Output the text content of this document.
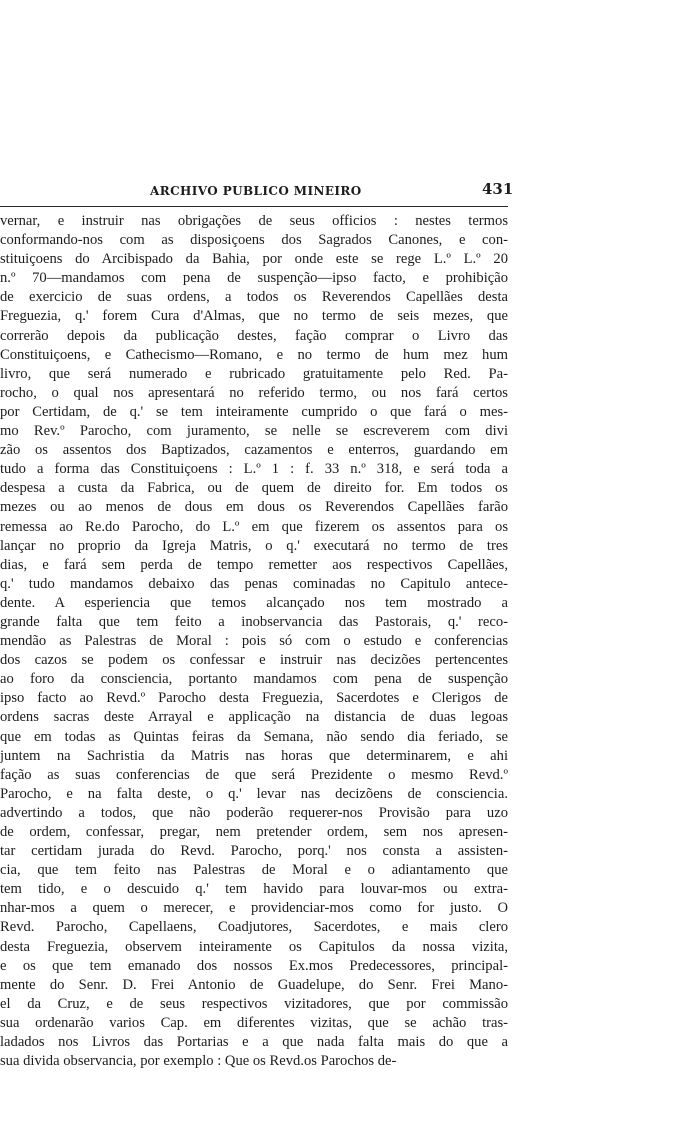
ARCHIVO PUBLICO MINEIRO	431
vernar, e instruir nas obrigações de seus officios : nestes termos
conformando-nos com as disposiçoens dos Sagrados Canones, e con-
stituiçoens do Arcibispado da Bahia, por onde este se rege L.º L.º 20
n.º 70—mandamos com pena de suspenção—ipso facto, e prohibição
de exercicio de suas ordens, a todos os Reverendos Capellães desta
Freguezia, q.' forem Cura d'Almas, que no termo de seis mezes, que
correrão depois da publicação destes, fação comprar o Livro das
Constituiçoens, e Cathecismo—Romano, e no termo de hum mez hum
livro, que será numerado e rubricado gratuitamente pelo Red. Pa-
rocho, o qual nos apresentará no referido termo, ou nos fará certos
por Certidam, de q.' se tem inteiramente cumprido o que fará o mes-
mo Rev.º Parocho, com juramento, se nelle se escreverem com divi
zão os assentos dos Baptizados, cazamentos e enterros, guardando em
tudo a forma das Constituiçoens : L.º 1 : f. 33 n.º 318, e será toda a
despesa a custa da Fabrica, ou de quem de direito for. Em todos os
mezes ou ao menos de dous em dous os Reverendos Capellães farão
remessa ao Re.do Parocho, do L.º em que fizerem os assentos para os
lançar no proprio da Igreja Matris, o q.' executará no termo de tres
dias, e fará sem perda de tempo remetter aos respectivos Capellães,
q.' tudo mandamos debaixo das penas cominadas no Capitulo antece-
dente. A esperiencia que temos alcançado nos tem mostrado a
grande falta que tem feito a inobservancia das Pastorais, q.' reco-
mendão as Palestras de Moral : pois só com o estudo e conferencias
dos cazos se podem os confessar e instruir nas decizões pertencentes
ao foro da consciencia, portanto mandamos com pena de suspenção
ipso facto ao Revd.º Parocho desta Freguezia, Sacerdotes e Clerigos de
ordens sacras deste Arrayal e applicação na distancia de duas legoas
que em todas as Quintas feiras da Semana, não sendo dia feriado, se
juntem na Sachristia da Matris nas horas que determinarem, e ahi
fação as suas conferencias de que será Prezidente o mesmo Revd.º
Parocho, e na falta deste, o q.' levar nas decizõens de consciencia.
advertindo a todos, que não poderão requerer-nos Provisão para uzo
de ordem, confessar, pregar, nem pretender ordem, sem nos apresen-
tar certidam jurada do Revd. Parocho, porq.' nos consta a assisten-
cia, que tem feito nas Palestras de Moral e o adiantamento que
tem tido, e o descuido q.' tem havido para louvar-mos ou extra-
nhar-mos a quem o merecer, e providenciar-mos como for justo. O
Revd. Parocho, Capellaens, Coadjutores, Sacerdotes, e mais clero
desta Freguezia, observem inteiramente os Capitulos da nossa vizita,
e os que tem emanado dos nossos Ex.mos Predecessores, principal-
mente do Senr. D. Frei Antonio de Guadelupe, do Senr. Frei Mano-
el da Cruz, e de seus respectivos vizitadores, que por commissão
sua ordenarão varios Cap. em diferentes vizitas, que se achão tras-
ladados nos Livros das Portarias e a que nada falta mais do que a
sua divida observancia, por exemplo : Que os Revd.os Parochos de-
